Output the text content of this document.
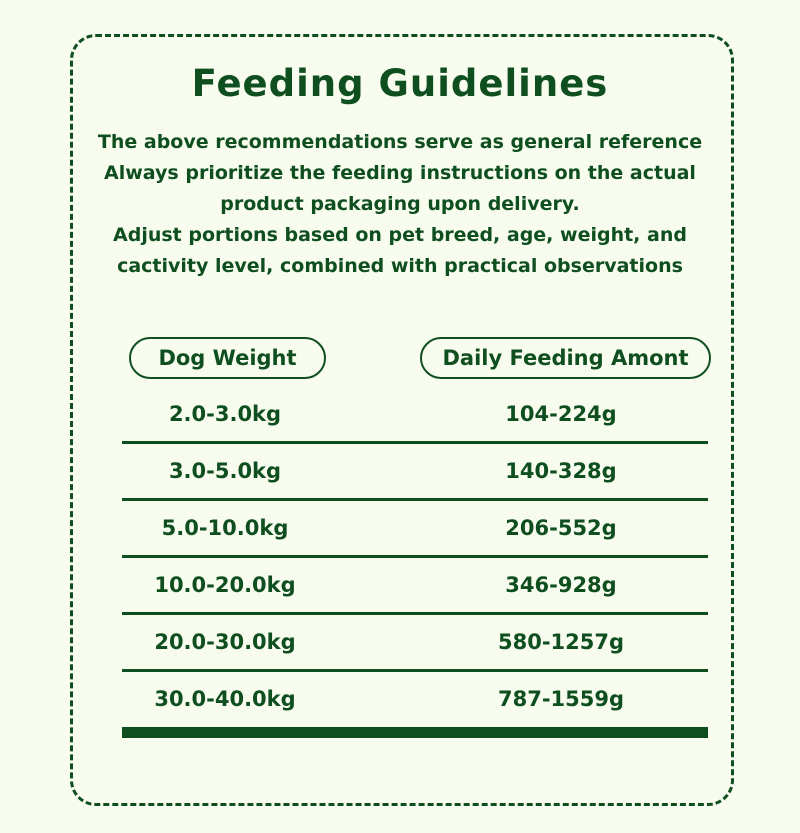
Feeding Guidelines
The above recommendations serve as general reference
Always prioritize the feeding instructions on the actual
product packaging upon delivery.
Adjust portions based on pet breed, age, weight, and
cactivity level, combined with practical observations
Dog Weight	Daily Feeding Amont
2.0-3.0kg	104-224g
3.0-5.0kg	140-328g
5.0-10.0kg	206-552g
10.0-20.0kg	346-928g
20.0-30.0kg	580-1257g
30.0-40.0kg	787-1559g
